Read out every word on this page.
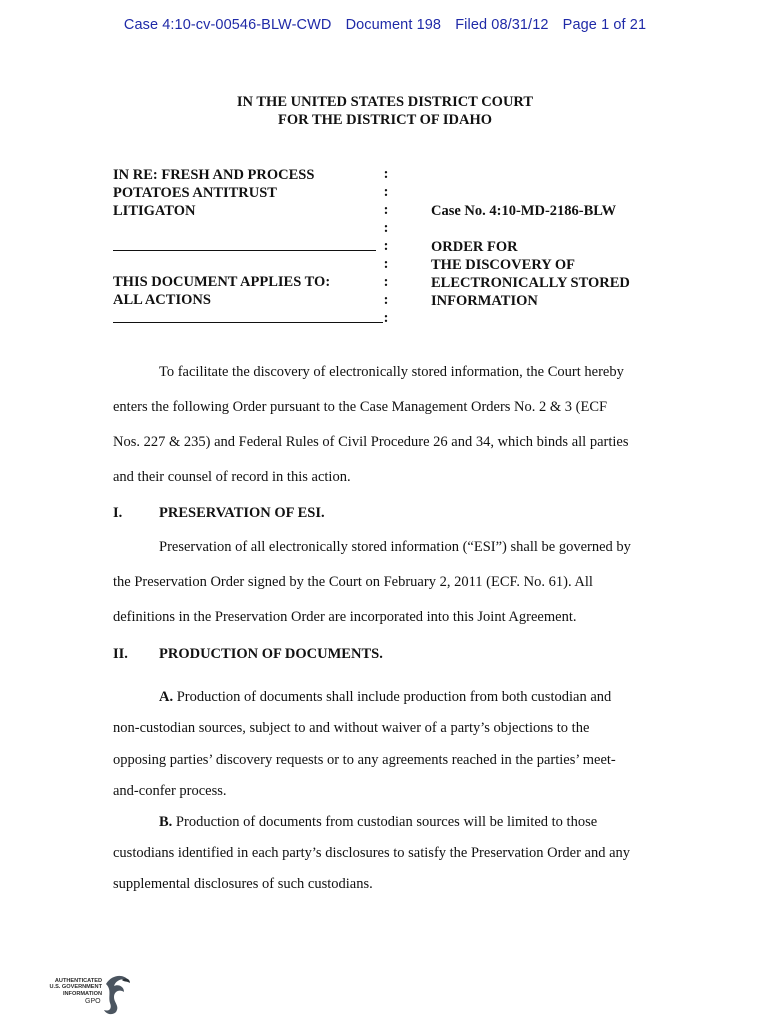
Case 4:10-cv-00546-BLW-CWD Document 198 Filed 08/31/12 Page 1 of 21
IN THE UNITED STATES DISTRICT COURT
FOR THE DISTRICT OF IDAHO
IN RE: FRESH AND PROCESS
POTATOES ANTITRUST
LITIGATON
THIS DOCUMENT APPLIES TO:
ALL ACTIONS
:
:
:
:
:
:
:
:
:
Case No. 4:10-MD-2186-BLW
ORDER FOR
THE DISCOVERY OF
ELECTRONICALLY STORED
INFORMATION
To facilitate the discovery of electronically stored information, the Court hereby
enters the following Order pursuant to the Case Management Orders No. 2 & 3 (ECF
Nos. 227 & 235) and Federal Rules of Civil Procedure 26 and 34, which binds all parties
and their counsel of record in this action.
I.	PRESERVATION OF ESI.
Preservation of all electronically stored information (“ESI”) shall be governed by
the Preservation Order signed by the Court on February 2, 2011 (ECF. No. 61). All
definitions in the Preservation Order are incorporated into this Joint Agreement.
II. PRODUCTION OF DOCUMENTS.
A. Production of documents shall include production from both custodian and
non-custodian sources, subject to and without waiver of a party’s objections to the
opposing parties’ discovery requests or to any agreements reached in the parties’ meet-
and-confer process.
B. Production of documents from custodian sources will be limited to those
custodians identified in each party’s disclosures to satisfy the Preservation Order and any
supplemental disclosures of such custodians.
AUTHENTICATED
U.S. GOVERNMENT
INFORMATION
GPO
